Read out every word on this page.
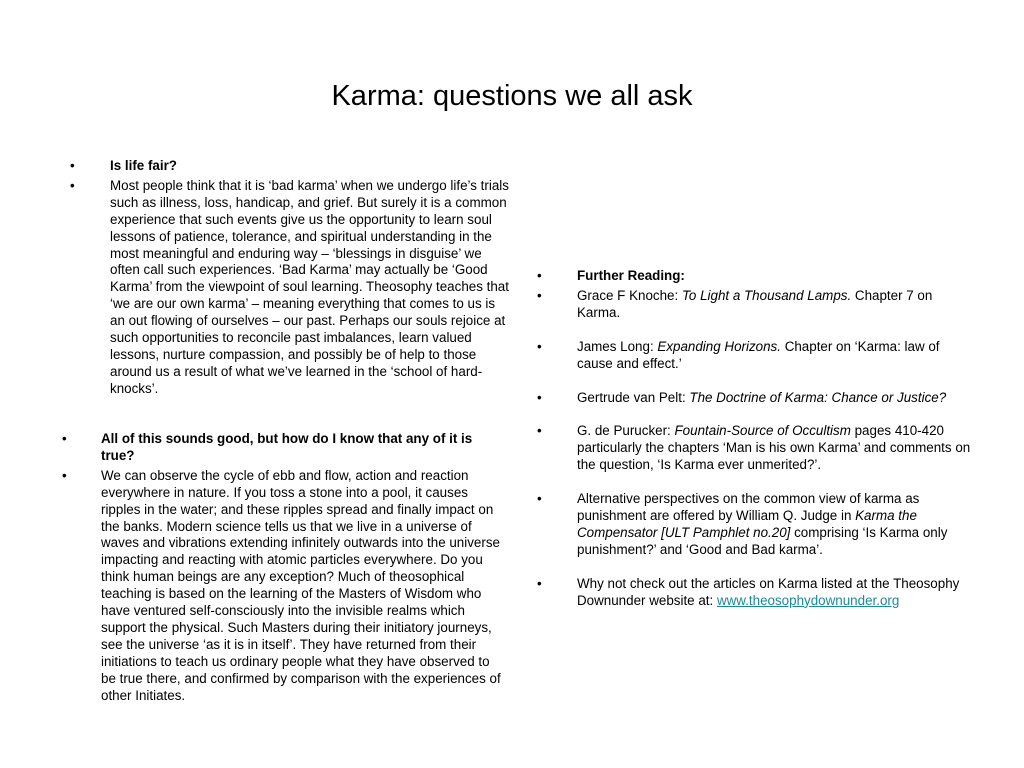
Karma: questions we all ask
•	Is life fair?
•	Most people think that it is ‘bad karma’ when we undergo life’s trials such as illness, loss, handicap, and grief. But surely it is a common experience that such events give us the opportunity to learn soul lessons of patience, tolerance, and spiritual understanding in the most meaningful and enduring way – ‘blessings in disguise’ we often call such experiences. ‘Bad Karma’ may actually be ‘Good Karma’ from the viewpoint of soul learning. Theosophy teaches that ‘we are our own karma’ – meaning everything that comes to us is an out flowing of ourselves – our past. Perhaps our souls rejoice at such opportunities to reconcile past imbalances, learn valued lessons, nurture compassion, and possibly be of help to those around us a result of what we’ve learned in the ‘school of hard-knocks’.
•	All of this sounds good, but how do I know that any of it is true?
•	We can observe the cycle of ebb and flow, action and reaction everywhere in nature. If you toss a stone into a pool, it causes ripples in the water; and these ripples spread and finally impact on the banks. Modern science tells us that we live in a universe of waves and vibrations extending infinitely outwards into the universe impacting and reacting with atomic particles everywhere. Do you think human beings are any exception? Much of theosophical teaching is based on the learning of the Masters of Wisdom who have ventured self-consciously into the invisible realms which support the physical. Such Masters during their initiatory journeys, see the universe ‘as it is in itself’. They have returned from their initiations to teach us ordinary people what they have observed to be true there, and confirmed by comparison with the experiences of other Initiates.
•	Further Reading:
•	Grace F Knoche: To Light a Thousand Lamps. Chapter 7 on Karma.
•	James Long: Expanding Horizons. Chapter on ‘Karma: law of cause and effect.’
•	Gertrude van Pelt: The Doctrine of Karma: Chance or Justice?
•	G. de Purucker: Fountain-Source of Occultism pages 410-420 particularly the chapters ‘Man is his own Karma’ and comments on the question, ‘Is Karma ever unmerited?’.
•	Alternative perspectives on the common view of karma as punishment are offered by William Q. Judge in Karma the Compensator [ULT Pamphlet no.20] comprising ‘Is Karma only punishment?’ and ‘Good and Bad karma’.
•	Why not check out the articles on Karma listed at the Theosophy Downunder website at: www.theosophydownunder.org
